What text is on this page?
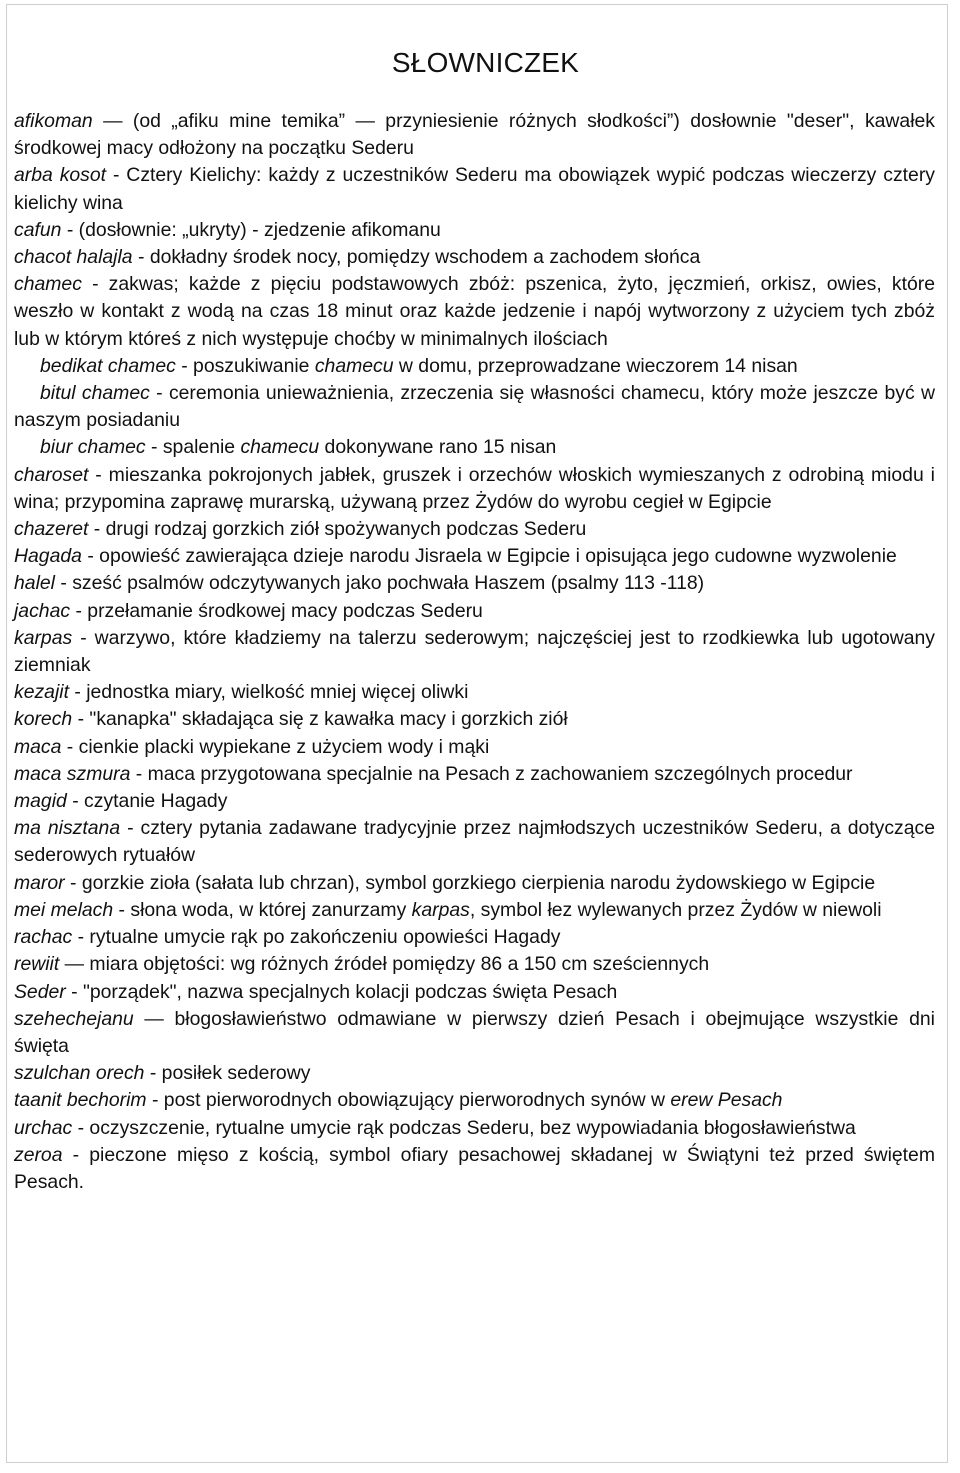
SŁOWNICZEK

afikoman — (od „afiku mine temika” — przyniesienie różnych słodkości”) dosłownie "deser", kawałek środkowej macy odłożony na początku Sederu

arba kosot - Cztery Kielichy: każdy z uczestników Sederu ma obowiązek wypić podczas wieczerzy cztery kielichy wina

cafun - (dosłownie: „ukryty) - zjedzenie afikomanu

chacot halajla - dokładny środek nocy, pomiędzy wschodem a zachodem słońca

chamec - zakwas; każde z pięciu podstawowych zbóż: pszenica, żyto, jęczmień, orkisz, owies, które weszło w kontakt z wodą na czas 18 minut oraz każde jedzenie i napój wytworzony z użyciem tych zbóż lub w którym któreś z nich występuje choćby w minimalnych ilościach

bedikat chamec - poszukiwanie chamecu w domu, przeprowadzane wieczorem 14 nisan

bitul chamec - ceremonia unieważnienia, zrzeczenia się własności chamecu, który może jeszcze być w naszym posiadaniu

biur chamec - spalenie chamecu dokonywane rano 15 nisan

charoset - mieszanka pokrojonych jabłek, gruszek i orzechów włoskich wymieszanych z odrobiną miodu i wina; przypomina zaprawę murarską, używaną przez Żydów do wyrobu cegieł w Egipcie

chazeret - drugi rodzaj gorzkich ziół spożywanych podczas Sederu

Hagada - opowieść zawierająca dzieje narodu Jisraela w Egipcie i opisująca jego cudowne wyzwolenie

halel - sześć psalmów odczytywanych jako pochwała Haszem (psalmy 113 -118)

jachac - przełamanie środkowej macy podczas Sederu

karpas - warzywo, które kładziemy na talerzu sederowym; najczęściej jest to rzodkiewka lub ugotowany ziemniak

kezajit - jednostka miary, wielkość mniej więcej oliwki

korech - "kanapka" składająca się z kawałka macy i gorzkich ziół

maca - cienkie placki wypiekane z użyciem wody i mąki

maca szmura - maca przygotowana specjalnie na Pesach z zachowaniem szczególnych procedur

magid - czytanie Hagady

ma nisztana - cztery pytania zadawane tradycyjnie przez najmłodszych uczestników Sederu, a dotyczące sederowych rytuałów

maror - gorzkie zioła (sałata lub chrzan), symbol gorzkiego cierpienia narodu żydowskiego w Egipcie

mei melach - słona woda, w której zanurzamy karpas, symbol łez wylewanych przez Żydów w niewoli

rachac - rytualne umycie rąk po zakończeniu opowieści Hagady

rewiit — miara objętości: wg różnych źródeł pomiędzy 86 a 150 cm sześciennych

Seder - "porządek", nazwa specjalnych kolacji podczas święta Pesach

szehechejanu — błogosławieństwo odmawiane w pierwszy dzień Pesach i obejmujące wszystkie dni święta

szulchan orech - posiłek sederowy

taanit bechorim - post pierworodnych obowiązujący pierworodnych synów w erew Pesach

urchac - oczyszczenie, rytualne umycie rąk podczas Sederu, bez wypowiadania błogosławieństwa

zeroa - pieczone mięso z kością, symbol ofiary pesachowej składanej w Świątyni też przed świętem Pesach.
